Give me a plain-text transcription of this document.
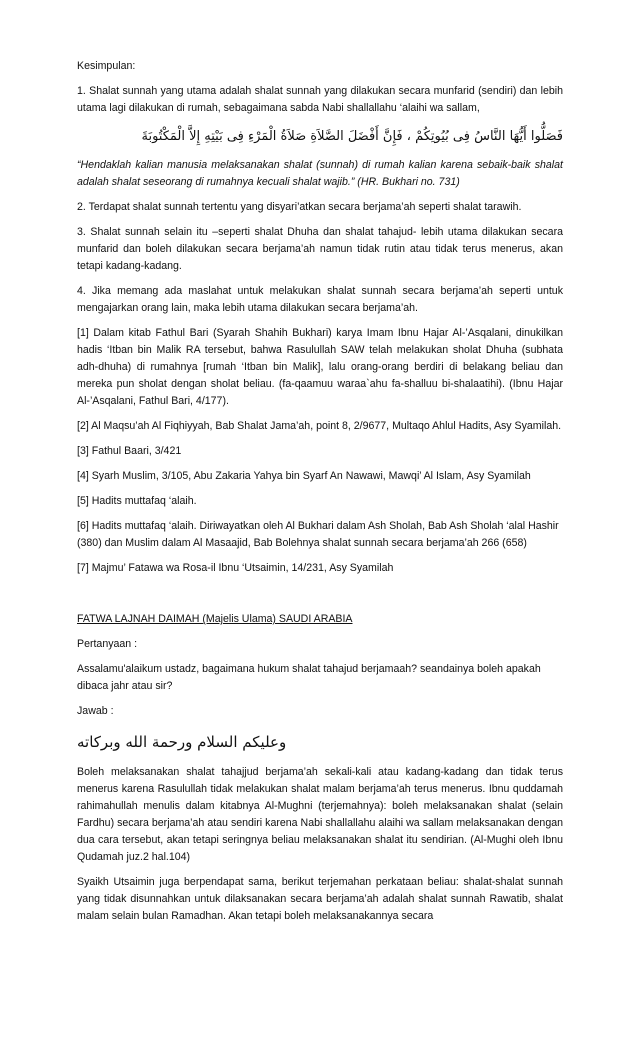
Kesimpulan:

1. Shalat sunnah yang utama adalah shalat sunnah yang dilakukan secara munfarid (sendiri) dan lebih utama lagi dilakukan di rumah, sebagaimana sabda Nabi shallallahu ‘alaihi wa sallam,

فَصَلُّوا أَيُّهَا النَّاسُ فِى بُيُوتِكُمْ ، فَإِنَّ أَفْضَلَ الصَّلاَةِ صَلاَةُ الْمَرْءِ فِى بَيْتِهِ إِلاَّ الْمَكْتُوبَةَ

“Hendaklah kalian manusia melaksanakan shalat (sunnah) di rumah kalian karena sebaik-baik shalat adalah shalat seseorang di rumahnya kecuali shalat wajib.” (HR. Bukhari no. 731)

2. Terdapat shalat sunnah tertentu yang disyari’atkan secara berjama’ah seperti shalat tarawih.

3. Shalat sunnah selain itu –seperti shalat Dhuha dan shalat tahajud- lebih utama dilakukan secara munfarid dan boleh dilakukan secara berjama’ah namun tidak rutin atau tidak terus menerus, akan tetapi kadang-kadang.

4. Jika memang ada maslahat untuk melakukan shalat sunnah secara berjama’ah seperti untuk mengajarkan orang lain, maka lebih utama dilakukan secara berjama’ah.

[1] Dalam kitab Fathul Bari (Syarah Shahih Bukhari) karya Imam Ibnu Hajar Al-’Asqalani, dinukilkan hadis ‘Itban bin Malik RA tersebut, bahwa Rasulullah SAW telah melakukan sholat Dhuha (subhata adh-dhuha) di rumahnya [rumah ‘Itban bin Malik], lalu orang-orang berdiri di belakang beliau dan mereka pun sholat dengan sholat beliau. (fa-qaamuu waraa`ahu fa-shalluu bi-shalaatihi). (Ibnu Hajar Al-’Asqalani, Fathul Bari, 4/177).

[2] Al Maqsu’ah Al Fiqhiyyah, Bab Shalat Jama’ah, point 8, 2/9677, Multaqo Ahlul Hadits, Asy Syamilah.

[3] Fathul Baari, 3/421

[4] Syarh Muslim, 3/105, Abu Zakaria Yahya bin Syarf An Nawawi, Mawqi’ Al Islam, Asy Syamilah

[5] Hadits muttafaq ‘alaih.

[6] Hadits muttafaq ‘alaih. Diriwayatkan oleh Al Bukhari dalam Ash Sholah, Bab Ash Sholah ‘alal Hashir (380) dan Muslim dalam Al Masaajid, Bab Bolehnya shalat sunnah secara berjama’ah 266 (658)

[7] Majmu’ Fatawa wa Rosa-il Ibnu ‘Utsaimin, 14/231, Asy Syamilah

FATWA LAJNAH DAIMAH (Majelis Ulama) SAUDI ARABIA

Pertanyaan :

Assalamu'alaikum ustadz, bagaimana hukum shalat tahajud berjamaah? seandainya boleh apakah dibaca jahr atau sir?

Jawab :

وعليكم السلام ورحمة الله وبركاته

Boleh melaksanakan shalat tahajjud berjama’ah sekali-kali atau kadang-kadang dan tidak terus menerus karena Rasulullah tidak melakukan shalat malam berjama’ah terus menerus. Ibnu quddamah rahimahullah menulis dalam kitabnya Al-Mughni (terjemahnya): boleh melaksanakan shalat (selain Fardhu) secara berjama’ah atau sendiri karena Nabi shallallahu alaihi wa sallam melaksanakan dengan dua cara tersebut, akan tetapi seringnya beliau melaksanakan shalat itu sendirian. (Al-Mughi oleh Ibnu Qudamah juz.2 hal.104)

Syaikh Utsaimin juga berpendapat sama, berikut terjemahan perkataan beliau: shalat-shalat sunnah yang tidak disunnahkan untuk dilaksanakan secara berjama’ah adalah shalat sunnah Rawatib, shalat malam selain bulan Ramadhan. Akan tetapi boleh melaksanakannya secara
